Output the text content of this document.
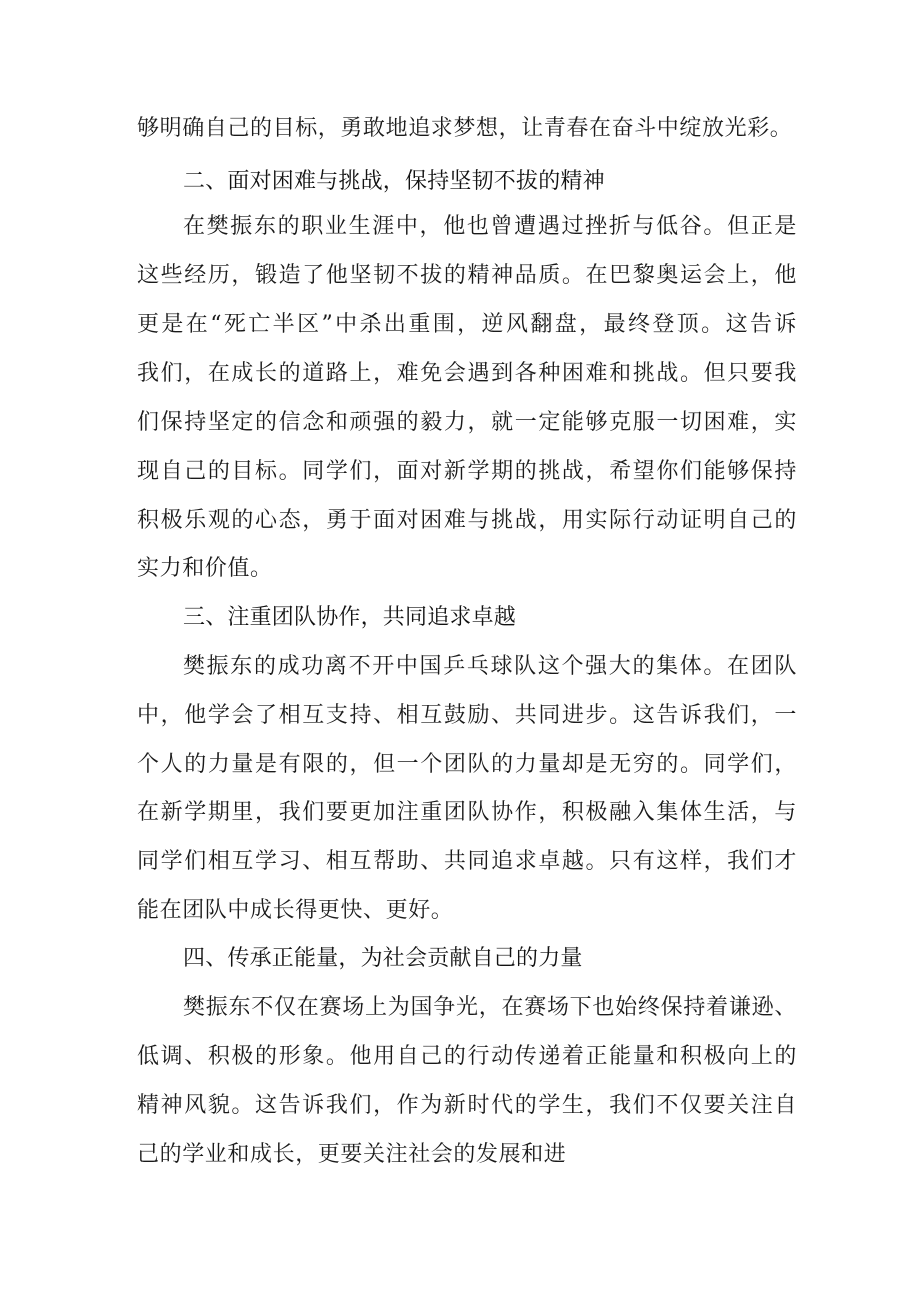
够明确自己的目标，勇敢地追求梦想，让青春在奋斗中绽放光彩。
二、面对困难与挑战，保持坚韧不拔的精神
在樊振东的职业生涯中，他也曾遭遇过挫折与低谷。但正是
这些经历，锻造了他坚韧不拔的精神品质。在巴黎奥运会上，他
更是在“死亡半区”中杀出重围，逆风翻盘，最终登顶。这告诉
我们，在成长的道路上，难免会遇到各种困难和挑战。但只要我
们保持坚定的信念和顽强的毅力，就一定能够克服一切困难，实
现自己的目标。同学们，面对新学期的挑战，希望你们能够保持
积极乐观的心态，勇于面对困难与挑战，用实际行动证明自己的
实力和价值。
三、注重团队协作，共同追求卓越
樊振东的成功离不开中国乒乓球队这个强大的集体。在团队
中，他学会了相互支持、相互鼓励、共同进步。这告诉我们，一
个人的力量是有限的，但一个团队的力量却是无穷的。同学们，
在新学期里，我们要更加注重团队协作，积极融入集体生活，与
同学们相互学习、相互帮助、共同追求卓越。只有这样，我们才
能在团队中成长得更快、更好。
四、传承正能量，为社会贡献自己的力量
樊振东不仅在赛场上为国争光，在赛场下也始终保持着谦逊、
低调、积极的形象。他用自己的行动传递着正能量和积极向上的
精神风貌。这告诉我们，作为新时代的学生，我们不仅要关注自
己的学业和成长，更要关注社会的发展和进
